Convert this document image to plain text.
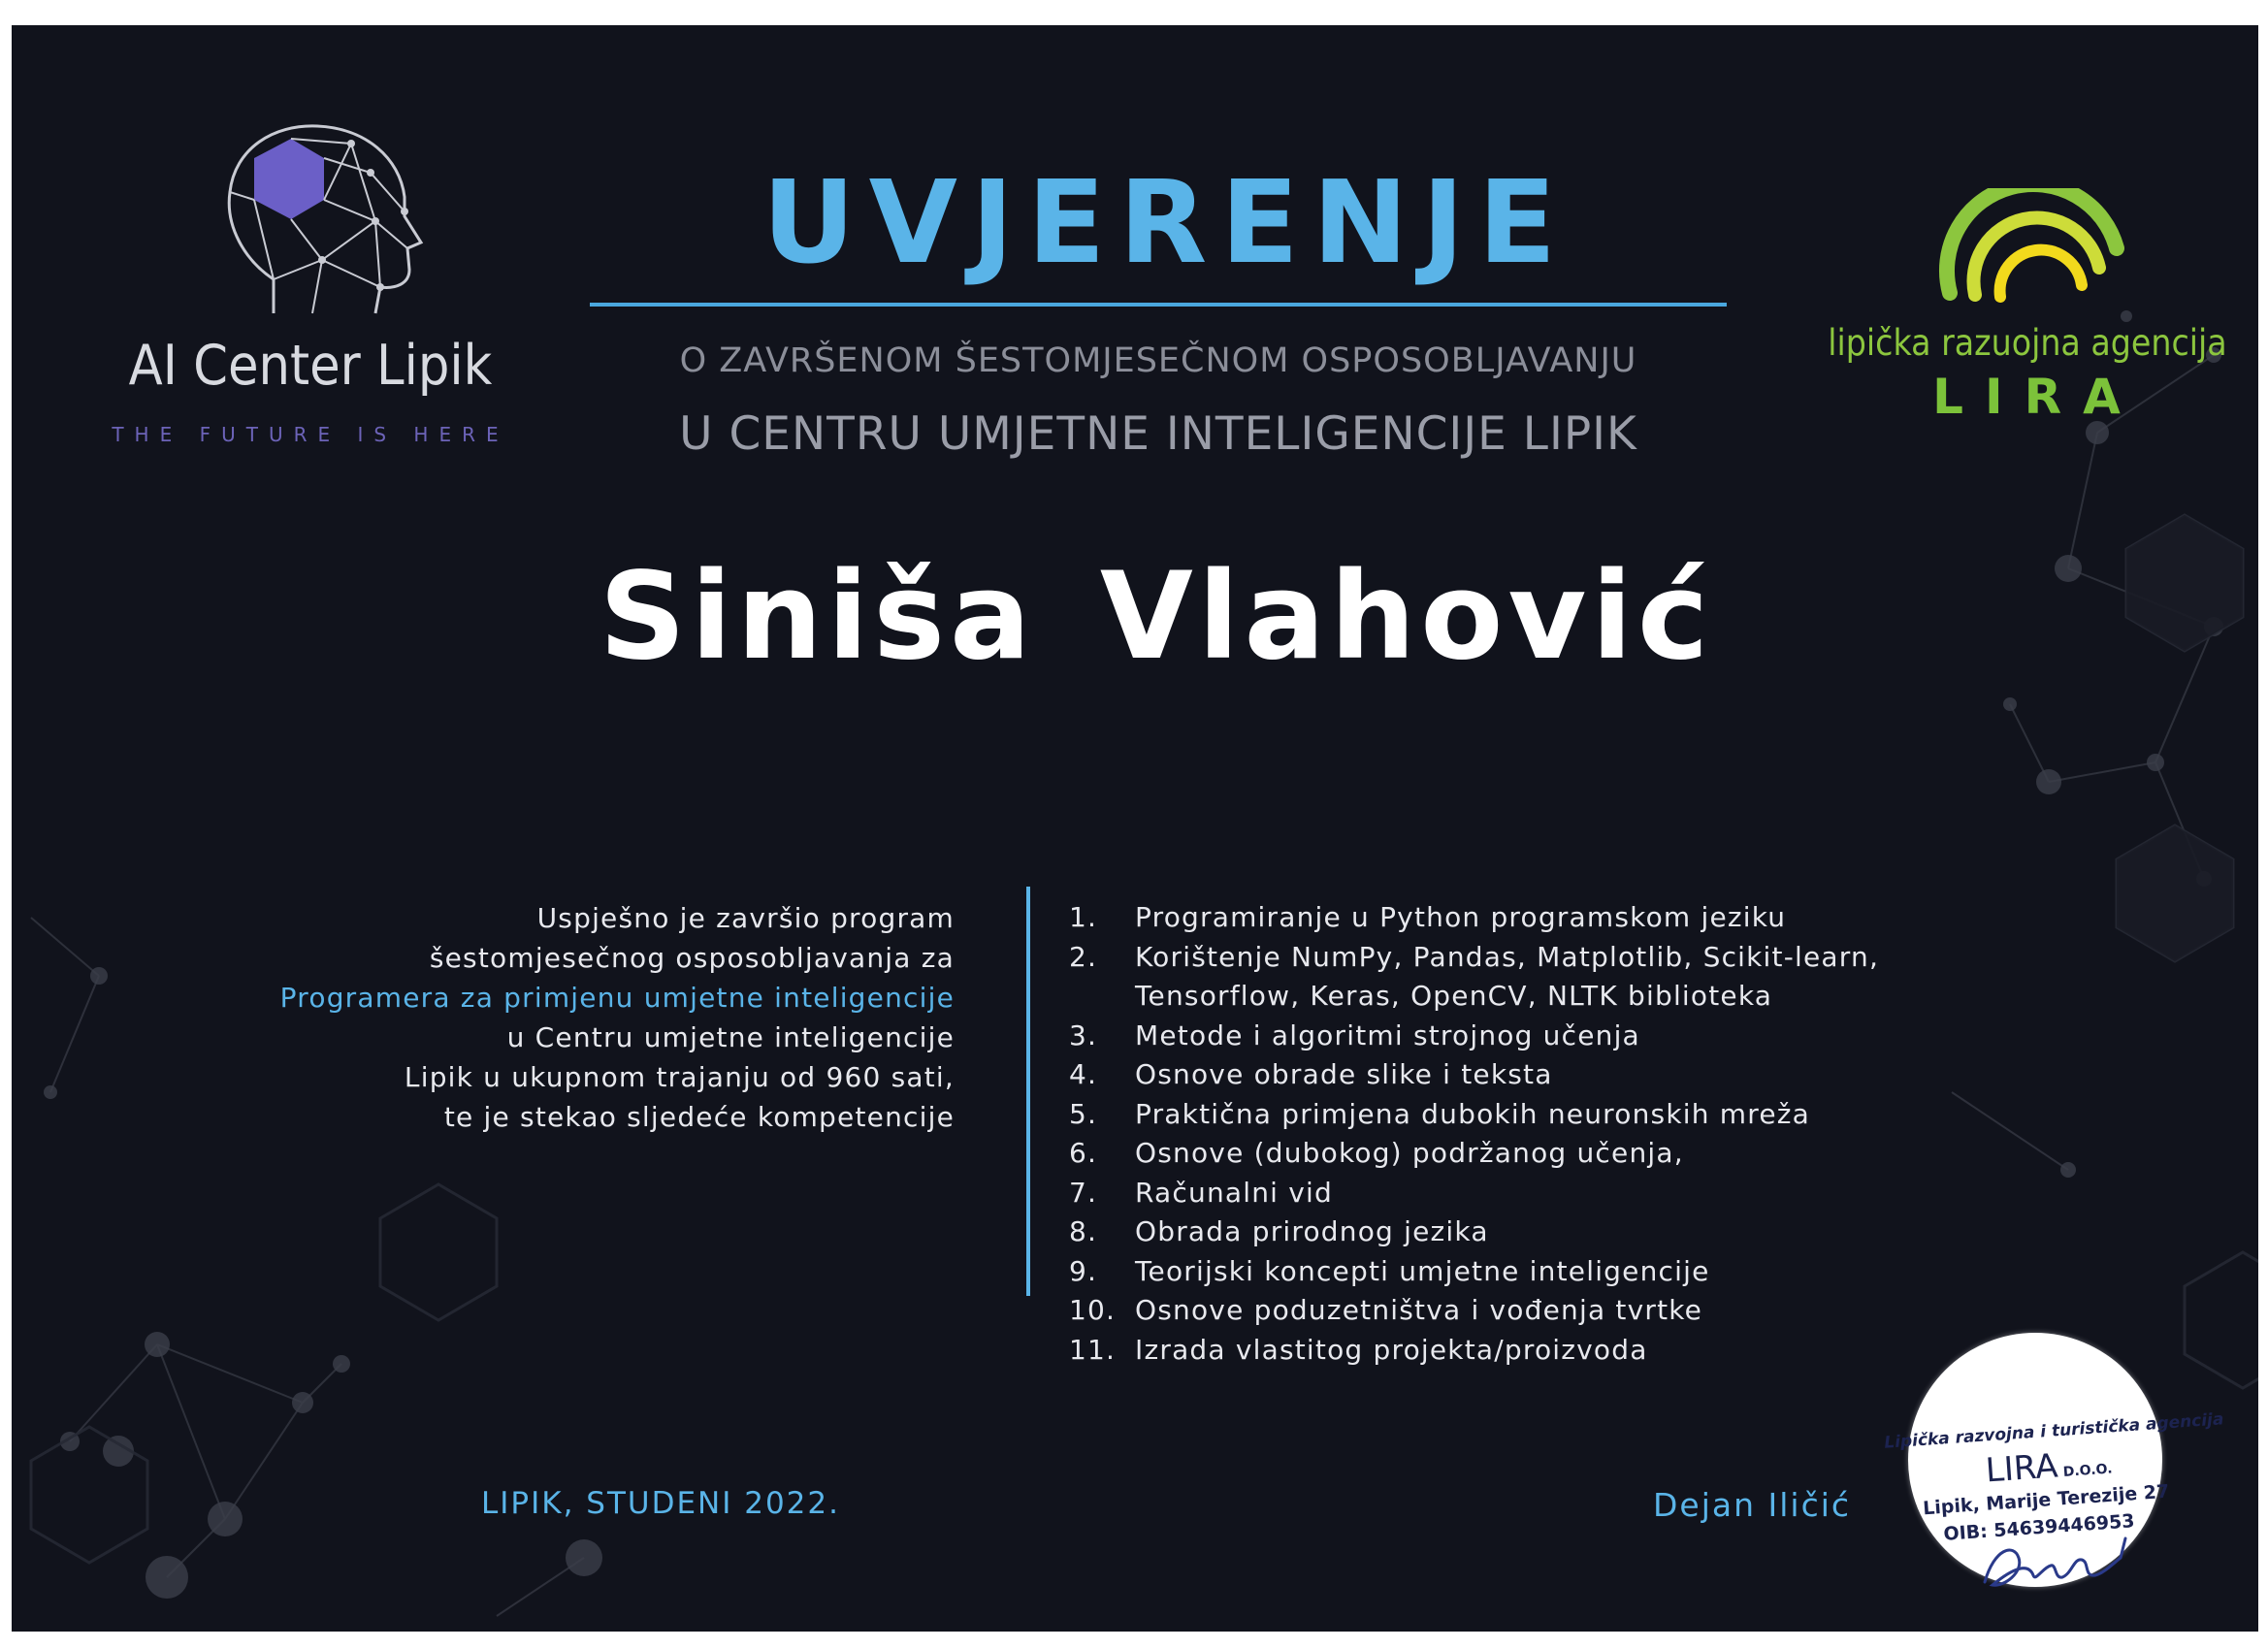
AI Center Lipik
THE FUTURE IS HERE
lipička razuojna agencija
LIRA
UVJERENJE
O ZAVRŠENOM ŠESTOMJESEČNOM OSPOSOBLJAVANJU
U CENTRU UMJETNE INTELIGENCIJE LIPIK
Siniša Vlahović
Uspješno je završio program
šestomjesečnog osposobljavanja za
Programera za primjenu umjetne inteligencije
u Centru umjetne inteligencije
Lipik u ukupnom trajanju od 960 sati,
te je stekao sljedeće kompetencije
1.	Programiranje u Python programskom jeziku
2.	Korištenje NumPy, Pandas, Matplotlib, Scikit-learn, Tensorflow, Keras, OpenCV, NLTK biblioteka
3.	Metode i algoritmi strojnog učenja
4.	Osnove obrade slike i teksta
5.	Praktična primjena dubokih neuronskih mreža
6.	Osnove (dubokog) podržanog učenja,
7.	Računalni vid
8.	Obrada prirodnog jezika
9.	Teorijski koncepti umjetne inteligencije
10. Osnove poduzetništva i vođenja tvrtke
11. Izrada vlastitog projekta/proizvoda
LIPIK, STUDENI 2022.	Dejan Iličić
Lipička razvojna i turistička agencija
LIRA D.O.O.
Lipik, Marije Terezije 27
OIB: 54639446953
